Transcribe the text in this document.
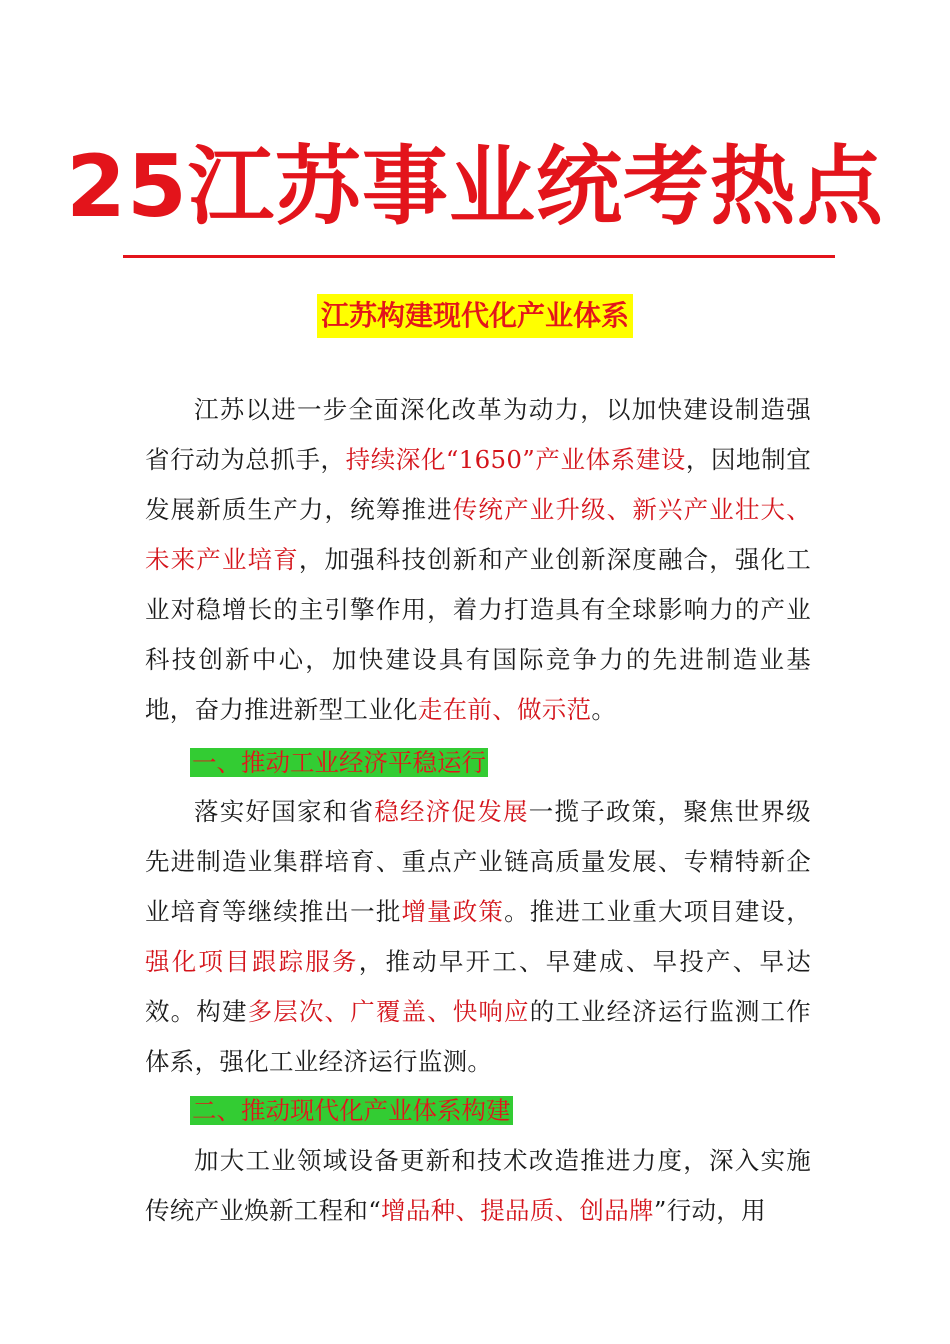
25江苏事业统考热点
江苏构建现代化产业体系

江苏以进一步全面深化改革为动力，以加快建设制造强省行动为总抓手，持续深化“1650”产业体系建设，因地制宜发展新质生产力，统筹推进传统产业升级、新兴产业壮大、未来产业培育，加强科技创新和产业创新深度融合，强化工业对稳增长的主引擎作用，着力打造具有全球影响力的产业科技创新中心，加快建设具有国际竞争力的先进制造业基地，奋力推进新型工业化走在前、做示范。

一、推动工业经济平稳运行

落实好国家和省稳经济促发展一揽子政策，聚焦世界级先进制造业集群培育、重点产业链高质量发展、专精特新企业培育等继续推出一批增量政策。推进工业重大项目建设，强化项目跟踪服务，推动早开工、早建成、早投产、早达效。构建多层次、广覆盖、快响应的工业经济运行监测工作体系，强化工业经济运行监测。

二、推动现代化产业体系构建

加大工业领域设备更新和技术改造推进力度，深入实施传统产业焕新工程和“增品种、提品质、创品牌”行动，用
